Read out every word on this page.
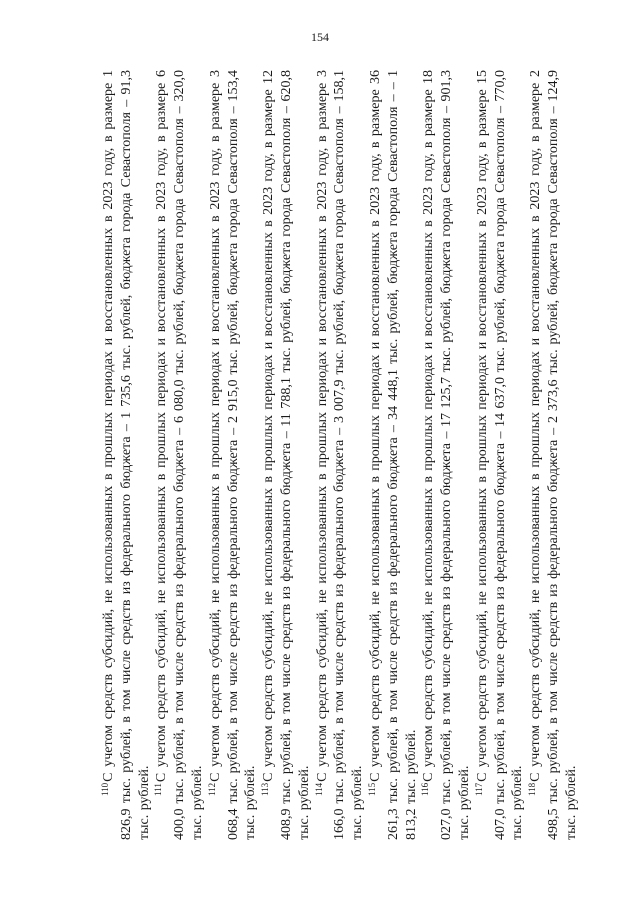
154

$^{110}$С учетом средств субсидий, не использованных в прошлых периодах и восстановленных в 2023 году, в размере 1 826,9 тыс. рублей, в том числе средств из федерального бюджета – 1 735,6 тыс. рублей, бюджета города Севастополя – 91,3 тыс. рублей. $^{111}$С учетом средств субсидий, не использованных в прошлых периодах и восстановленных в 2023 году, в размере 6 400,0 тыс. рублей, в том числе средств из федерального бюджета – 6 080,0 тыс. рублей, бюджета города Севастополя – 320,0 тыс. рублей. $^{112}$С учетом средств субсидий, не использованных в прошлых периодах и восстановленных в 2023 году, в размере 3 068,4 тыс. рублей, в том числе средств из федерального бюджета – 2 915,0 тыс. рублей, бюджета города Севастополя – 153,4 тыс. рублей. $^{113}$С учетом средств субсидий, не использованных в прошлых периодах и восстановленных в 2023 году, в размере 12 408,9 тыс. рублей, в том числе средств из федерального бюджета – 11 788,1 тыс. рублей, бюджета города Севастополя – 620,8 тыс. рублей. $^{114}$С учетом средств субсидий, не использованных в прошлых периодах и восстановленных в 2023 году, в размере 3 166,0 тыс. рублей, в том числе средств из федерального бюджета – 3 007,9 тыс. рублей, бюджета города Севастополя – 158,1 тыс. рублей. $^{115}$С учетом средств субсидий, не использованных в прошлых периодах и восстановленных в 2023 году, в размере 36 261,3 тыс. рублей, в том числе средств из федерального бюджета – 34 448,1 тыс. рублей, бюджета города Севастополя – – 1 813,2 тыс. рублей. $^{116}$С учетом средств субсидий, не использованных в прошлых периодах и восстановленных в 2023 году, в размере 18 027,0 тыс. рублей, в том числе средств из федерального бюджета – 17 125,7 тыс. рублей, бюджета города Севастополя – 901,3 тыс. рублей. $^{117}$С учетом средств субсидий, не использованных в прошлых периодах и восстановленных в 2023 году, в размере 15 407,0 тыс. рублей, в том числе средств из федерального бюджета – 14 637,0 тыс. рублей, бюджета города Севастополя – 770,0 тыс. рублей. $^{118}$С учетом средств субсидий, не использованных в прошлых периодах и восстановленных в 2023 году, в размере 2 498,5 тыс. рублей, в том числе средств из федерального бюджета – 2 373,6 тыс. рублей, бюджета города Севастополя – 124,9 тыс. рублей.
